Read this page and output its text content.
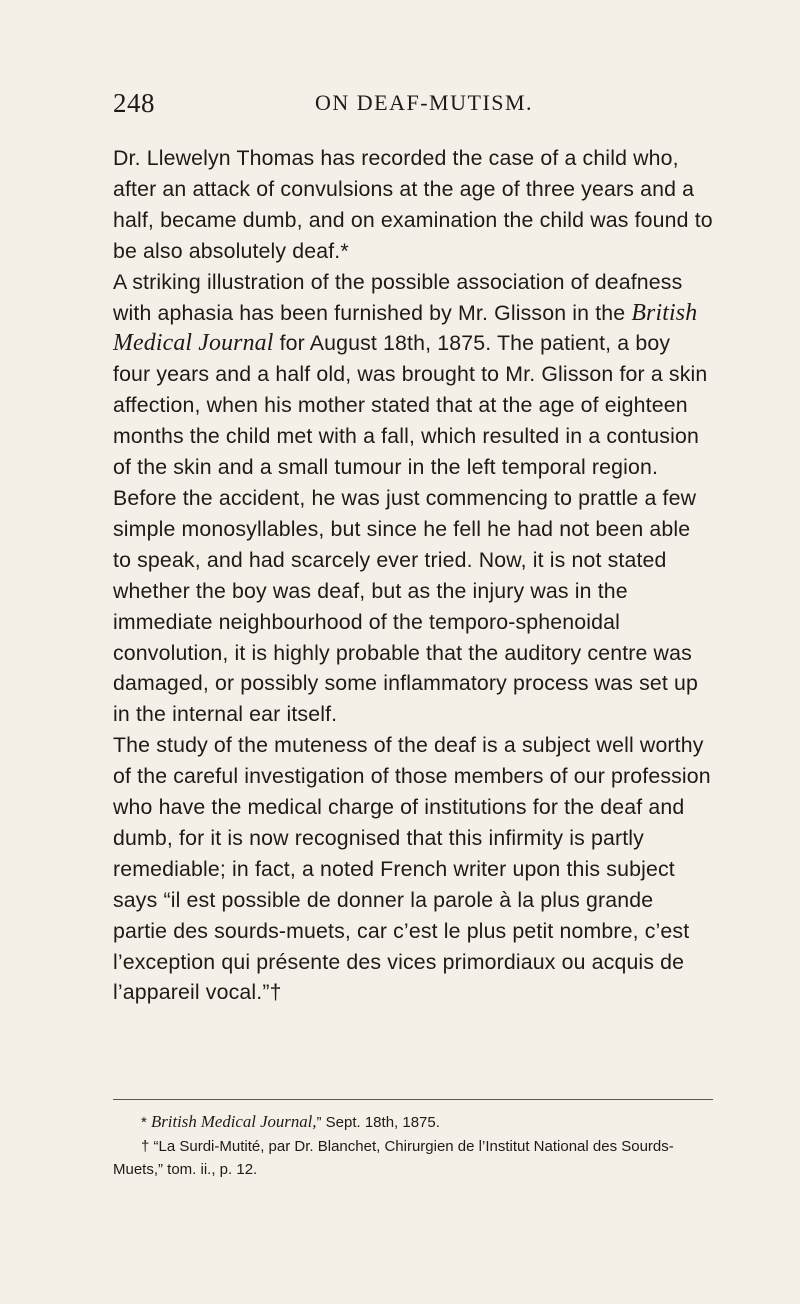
248	ON DEAF-MUTISM.

Dr. Llewelyn Thomas has recorded the case of a child who, after an attack of convulsions at the age of three years and a half, became dumb, and on examination the child was found to be also absolutely deaf.*

A striking illustration of the possible association of deafness with aphasia has been furnished by Mr. Glisson in the British Medical Journal for August 18th, 1875. The patient, a boy four years and a half old, was brought to Mr. Glisson for a skin affection, when his mother stated that at the age of eighteen months the child met with a fall, which resulted in a contusion of the skin and a small tumour in the left temporal region. Before the accident, he was just commencing to prattle a few simple monosyllables, but since he fell he had not been able to speak, and had scarcely ever tried. Now, it is not stated whether the boy was deaf, but as the injury was in the immediate neighbourhood of the temporo-sphenoidal convolution, it is highly probable that the auditory centre was damaged, or possibly some inflammatory process was set up in the internal ear itself.

The study of the muteness of the deaf is a subject well worthy of the careful investigation of those members of our profession who have the medical charge of institutions for the deaf and dumb, for it is now recognised that this infirmity is partly remediable; in fact, a noted French writer upon this subject says “il est possible de donner la parole à la plus grande partie des sourds-muets, car c’est le plus petit nombre, c’est l’exception qui présente des vices primordiaux ou acquis de l’appareil vocal.”†

* British Medical Journal,” Sept. 18th, 1875.

† “La Surdi-Mutité, par Dr. Blanchet, Chirurgien de l’Institut National des Sourds-Muets,” tom. ii., p. 12.
